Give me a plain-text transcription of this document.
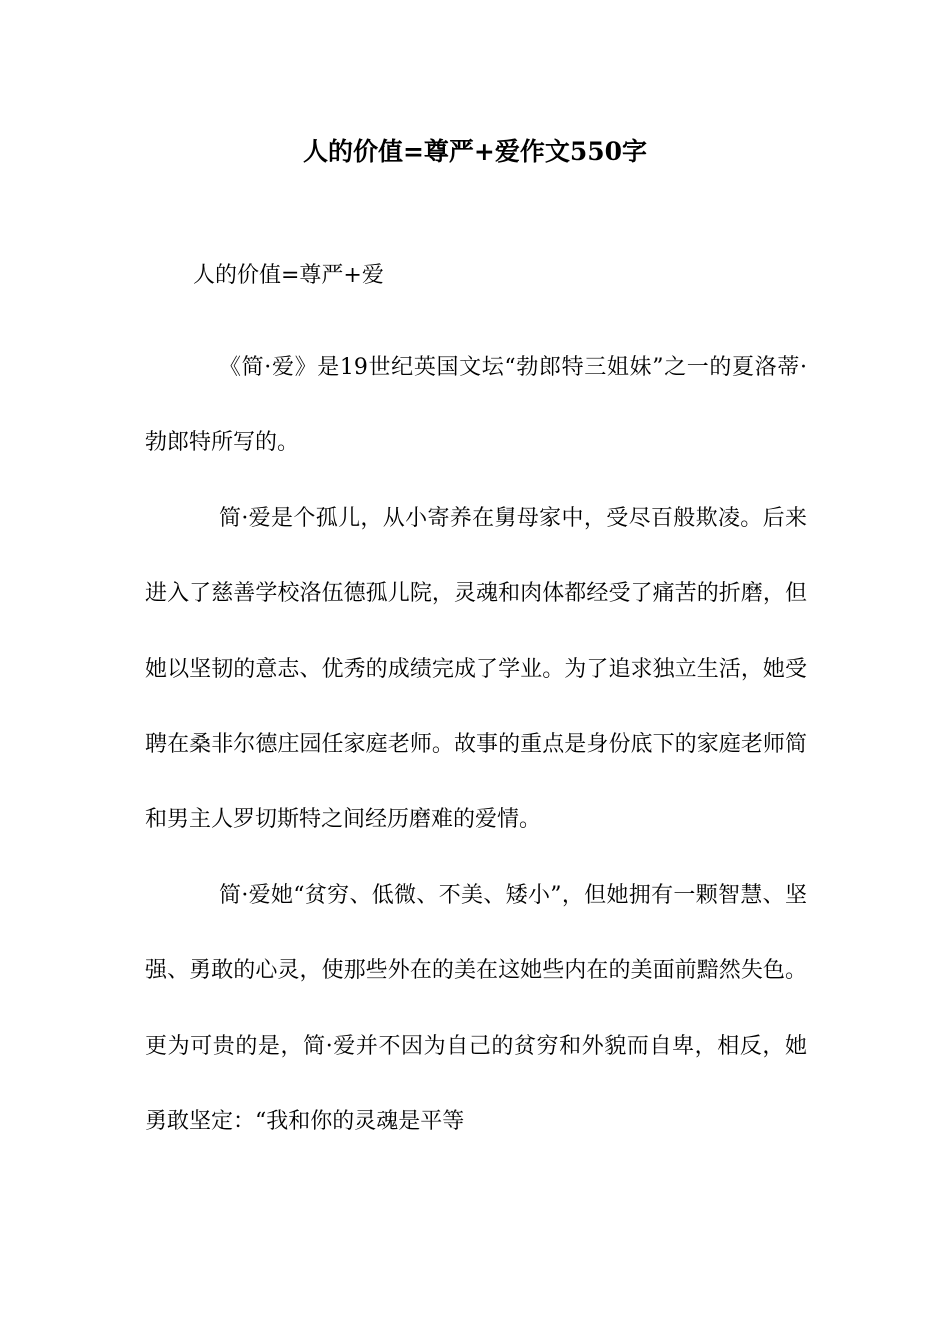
人的价值=尊严+爱作文550字

人的价值=尊严+爱

《简·爱》是19世纪英国文坛“勃郎特三姐妹”之一的夏洛蒂·勃郎特所写的。

简·爱是个孤儿，从小寄养在舅母家中，受尽百般欺凌。后来进入了慈善学校洛伍德孤儿院，灵魂和肉体都经受了痛苦的折磨，但她以坚韧的意志、优秀的成绩完成了学业。为了追求独立生活，她受聘在桑非尔德庄园任家庭老师。故事的重点是身份底下的家庭老师简和男主人罗切斯特之间经历磨难的爱情。

简·爱她“贫穷、低微、不美、矮小”，但她拥有一颗智慧、坚强、勇敢的心灵，使那些外在的美在这她些内在的美面前黯然失色。更为可贵的是，简·爱并不因为自己的贫穷和外貌而自卑，相反，她勇敢坚定：“我和你的灵魂是平等
